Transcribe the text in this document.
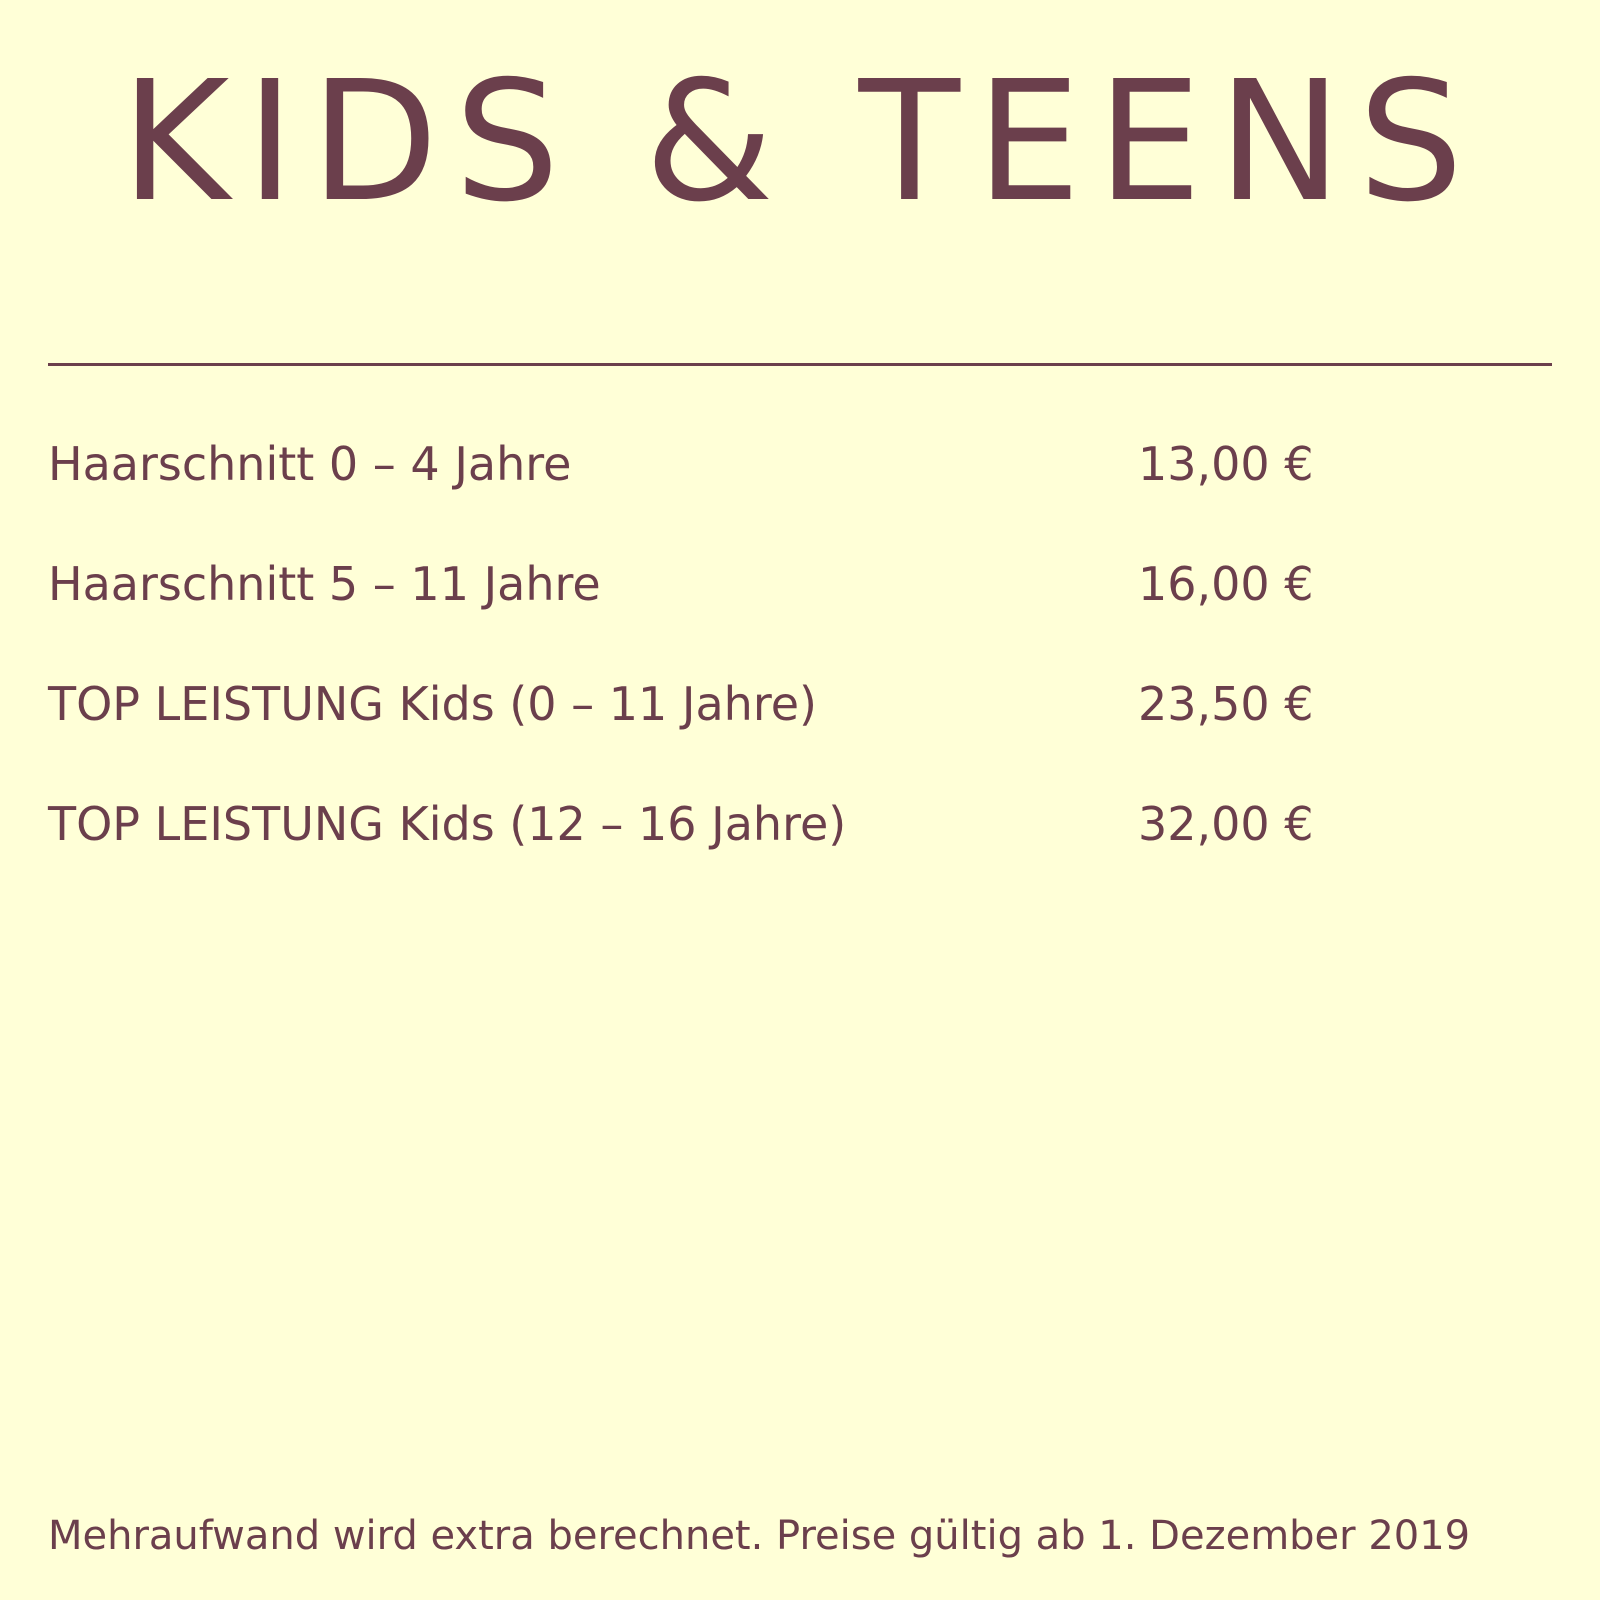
KIDS & TEENS
Haarschnitt 0 – 4 Jahre	13,00 €
Haarschnitt 5 – 11 Jahre	16,00 €
TOP LEISTUNG Kids (0 – 11 Jahre)	23,50 €
TOP LEISTUNG Kids (12 – 16 Jahre)	32,00 €
Mehraufwand wird extra berechnet. Preise gültig ab 1. Dezember 2019
